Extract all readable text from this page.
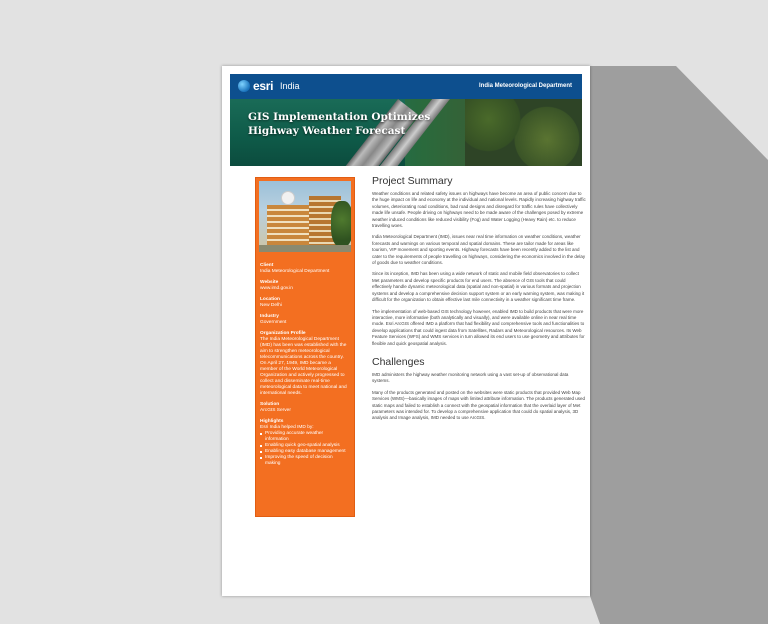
esri India	India Meteorological Department
GIS Implementation Optimizes
Highway Weather Forecast
Client
India Meteorological Department
Website
www.imd.gov.in
Location
New Delhi
Industry
Government
Organization Profile
The India Meteorological Department (IMD) has been was established with the aim to strengthen meteorological telecommunications across the country. On April 27, 1949, IMD became a member of the World Meteorological Organization and actively progressed to collect and disseminate real-time meteorological data to meet national and international needs.
Solution
ArcGIS Server
Highlights
Esri India helped IMD by:
Providing accurate weather information
Enabling quick geo-spatial analysis
Enabling easy database management
Improving the speed of decision making
Project Summary

Weather conditions and related safety issues on highways have become an area of public concern due to the huge impact on life and economy at the individual and national levels. Rapidly increasing highway traffic volumes, deteriorating road conditions, bad road designs and disregard for traffic rules have collectively made life unsafe. People driving on highways need to be made aware of the challenges posed by extreme weather induced conditions like reduced visibility (Fog) and Water Logging (Heavy Rain) etc. to reduce travelling woes.

India Meteorological Department (IMD), issues near real time information on weather conditions, weather forecasts and warnings on various temporal and spatial domains. These are tailor made for areas like tourism, VIP movement and sporting events. Highway forecasts have been recently added to the list and cater to the requirements of people travelling on highways, considering the economics involved in the delay of goods due to weather conditions.

Since its inception, IMD has been using a wide network of static and mobile field observatories to collect Met parameters and develop specific products for end users. The absence of GIS tools that could effectively handle dynamic meteorological data (spatial and non-spatial) in various formats and projection systems and develop a comprehensive decision support system or an early warning system, was making it difficult for the organization to obtain effective last mile connectivity in a weather significant time frame.

The implementation of web-based GIS technology however, enabled IMD to build products that were more interactive, more informative (both analytically and visually), and were available online in near real time mode. Esri ArcGIS offered IMD a platform that had flexibility and comprehensive tools and functionalities to develop applications that could ingest data from Satellites, Radars and Meteorological resources. Its Web Feature Services (WFS) and WMS services in turn allowed its end users to use geometry and attributes for flexible and quick geospatial analysis.

Challenges

IMD administers the highway weather monitoring network using a vast set-up of observational data systems.

Many of the products generated and posted on the websites were static products that provided Web Map Services (WMS)—basically images of maps with limited attribute information. The products generated used static maps and failed to establish a connect with the geospatial information that the overlaid layer of Met parameters was intended for. To develop a comprehensive application that could do spatial analysis, 3D analysis and Image analysis, IMD needed to use ArcGIS.
